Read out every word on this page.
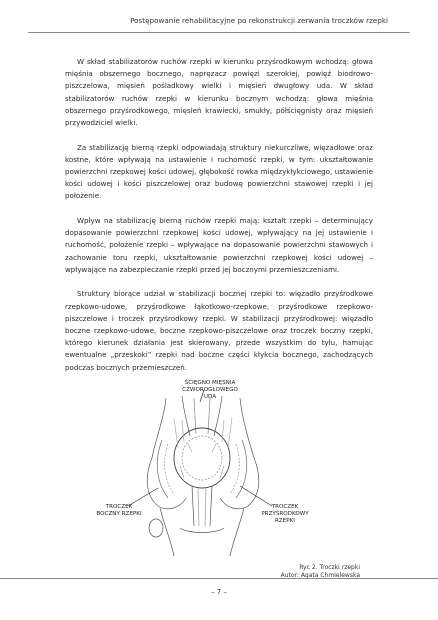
Postępowanie rehabilitacyjne po rekonstrukcji zerwania troczków rzepki

W skład stabilizatorów ruchów rzepki w kierunku przyśrodkowym wchodzą: głowa mięśnia obszernego bocznego, napręzacz powięzi szerokiej, powięź biodrowo-piszczelowa, mięsień pośladkowy wielki i mięsień dwugłowy uda. W skład stabilizatorów ruchów rzepki w kierunku bocznym wchodzą: głowa mięśnia obszernego przyśrodkowego, mięsień krawiecki, smukły, półścięgnisty oraz mięsień przywodziciel wielki.

Za stabilizację bierną rzepki odpowiadają struktury niekurczliwe, więzadłowe oraz kostne, które wpływają na ustawienie i ruchomość rzepki, w tym: ukształtowanie powierzchni rzepkowej kości udowej, głębokość rowka międzykłykciowego, ustawienie kości udowej i kości piszczelowej oraz budowę powierzchni stawowej rzepki i jej położenie.

Wpływ na stabilizację bierną ruchów rzepki mają: kształt rzepki – determinujący dopasowanie powierzchni rzepkowej kości udowej, wpływający na jej ustawienie i ruchomość, położenie rzepki – wpływające na dopasowanie powierzchni stawowych i zachowanie toru rzepki, ukształtowanie powierzchni rzepkowej kości udowej – wpływające na zabezpieczanie rzepki przed jej bocznymi przemieszczeniami.

Struktury biorące udział w stabilizacji bocznej rzepki to: więzadło przyśrodkowe rzepkowo-udowe, przyśrodkowe łąkotkowo-rzepkowe, przyśrodkowe rzepkowo-piszczelowe i troczek przyśrodkowy rzepki. W stabilizacji przyśrodkowej: więzadło boczne rzepkowo-udowe, boczne rzepkowo-piszczelowe oraz troczek boczny rzepki, którego kierunek działania jest skierowany, przede wszystkim do tyłu, hamując ewentualne „przeskoki” rzepki nad boczne części kłykcia bocznego, zachodzących podczas bocznych przemieszczeń.

ŚCIĘGNO MIĘŚNIA
CZWOROGŁOWEGO UDA
TROCZEK
BOCZNY RZEPKI
TROCZEK
PRZYŚRODKOWY
RZEPKI
Ryc 2. Troczki rzepki
Autor: Agata Chmielewska
– 7 –
